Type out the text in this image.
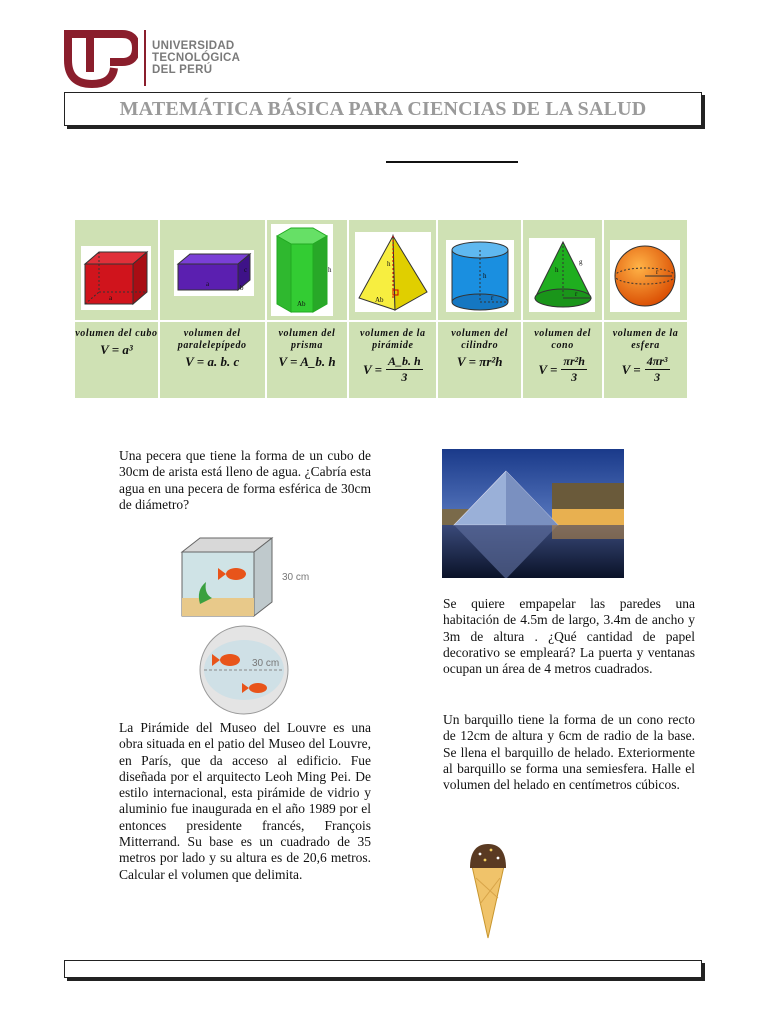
UNIVERSIDAD
TECNOLÓGICA
DEL PERÚ
MATEMÁTICA BÁSICA PARA CIENCIAS DE LA SALUD
a
a	b
c
Ab
h
h
Ab
h
r
h
g
r
r
volumen del cubo
V = a³
volumen del paralelepípedo
V = a. b. c
volumen del prisma
V = A_b. h
volumen de la pirámide
$V = \frac{A\_b. h}{3}$
volumen del cilindro
V = πr²h
volumen del cono
$V = \frac{\text{πr²h}}{3}$
volumen de la esfera
$V = \frac{\text{4πr³}}{3}$

Una pecera que tiene la forma de un cubo de 30cm de arista está lleno de agua. ¿Cabría esta agua en una pecera de forma esférica de 30cm de diámetro?

30 cm
30 cm

La Pirámide del Museo del Louvre es una obra situada en el patio del Museo del Louvre, en París, que da acceso al edificio. Fue diseñada por el arquitecto Leoh Ming Pei. De estilo internacional, esta pirámide de vidrio y aluminio fue inaugurada en el año 1989 por el entonces presidente francés, François Mitterrand. Su base es un cuadrado de 35 metros por lado y su altura es de 20,6 metros. Calcular el volumen que delimita.

Se quiere empapelar las paredes una habitación de 4.5m de largo, 3.4m de ancho y 3m de altura . ¿Qué cantidad de papel decorativo se empleará? La puerta y ventanas ocupan un área de 4 metros cuadrados.

Un barquillo tiene la forma de un cono recto de 12cm de altura y 6cm de radio de la base. Se llena el barquillo de helado. Exteriormente al barquillo se forma una semiesfera. Halle el volumen del helado en centímetros cúbicos.
